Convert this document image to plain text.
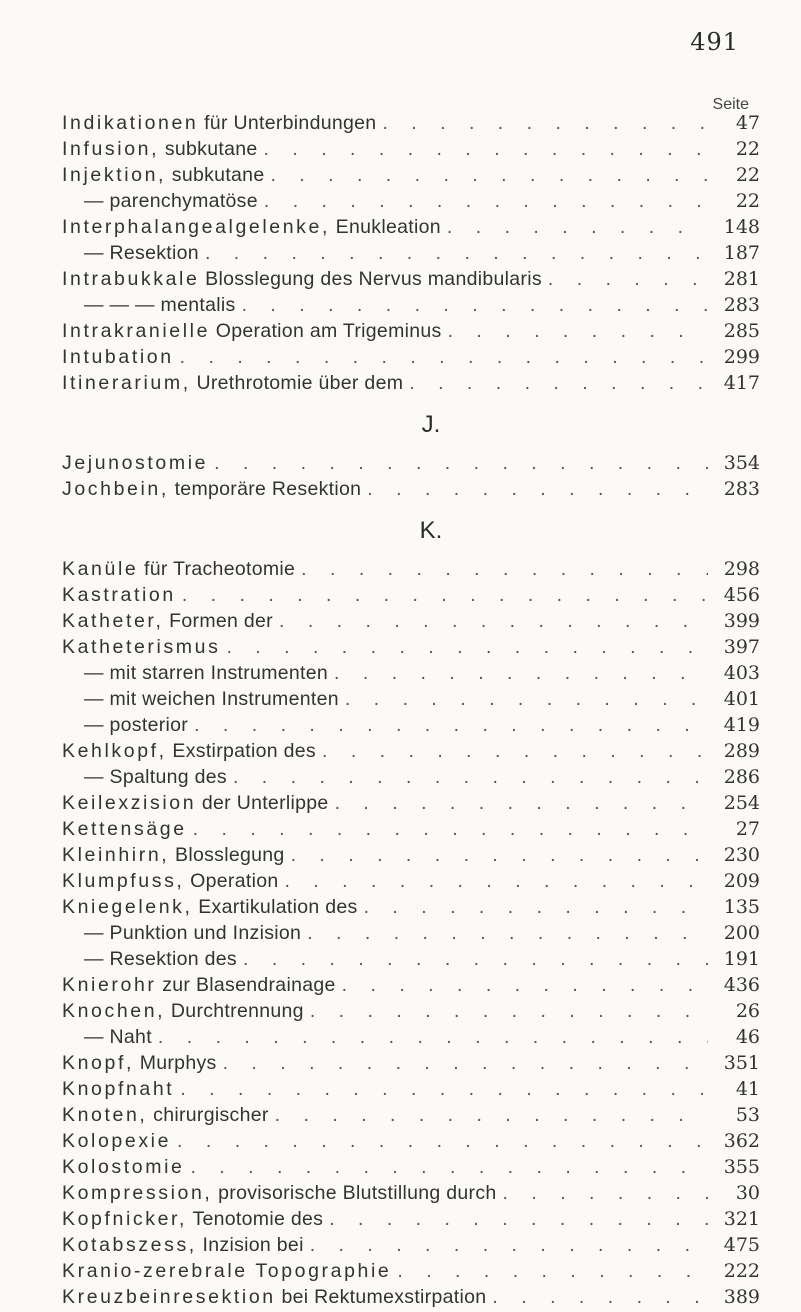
491
Seite
Indikationen für Unterbindungen . . .	47
Infusion, subkutane . . .	22
Injektion, subkutane . . .	22
— parenchymatöse . . .	22
Interphalangealgelenke, Enukleation . . .	148
— Resektion . . .	187
Intrabukkale Blosslegung des Nervus mandibularis . . .	281
— — — mentalis . . .	283
Intrakranielle Operation am Trigeminus . . .	285
Intubation . . .	299
Itinerarium, Urethrotomie über dem . . .	417
J.
Jejunostomie . . .	354
Jochbein, temporäre Resektion . . .	283
K.
Kanüle für Tracheotomie . . .	298
Kastration . . .	456
Katheter, Formen der . . .	399
Katheterismus . . .	397
— mit starren Instrumenten . . .	403
— mit weichen Instrumenten . . .	401
— posterior . . .	419
Kehlkopf, Exstirpation des . . .	289
— Spaltung des . . .	286
Keilexzision der Unterlippe . . .	254
Kettensäge . . .	27
Kleinhirn, Blosslegung . . .	230
Klumpfuss, Operation . . .	209
Kniegelenk, Exartikulation des . . .	135
— Punktion und Inzision . . .	200
— Resektion des . . .	191
Knierohr zur Blasendrainage . . .	436
Knochen, Durchtrennung . . .	26
— Naht . . .	46
Knopf, Murphys . . .	351
Knopfnaht . . .	41
Knoten, chirurgischer . . .	53
Kolopexie . . .	362
Kolostomie . . .	355
Kompression, provisorische Blutstillung durch . . .	30
Kopfnicker, Tenotomie des . . .	321
Kotabszess, Inzision bei . . .	475
Kranio-zerebrale Topographie . . .	222
Kreuzbeinresektion bei Rektumexstirpation . . .	389
